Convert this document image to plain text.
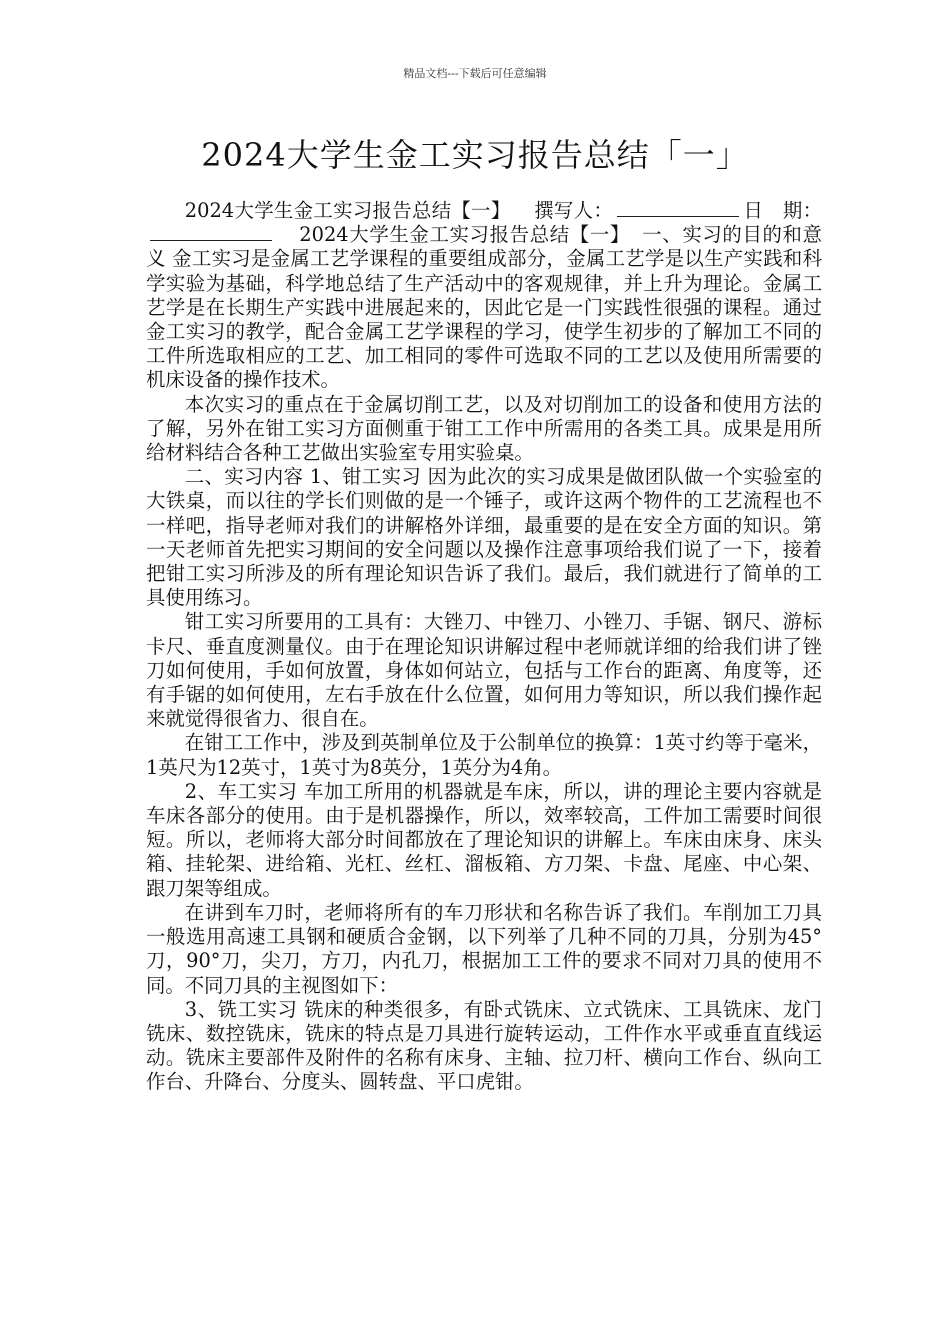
精品文档---下载后可任意编辑
2024大学生金工实习报告总结「一」

2024大学生金工实习报告总结【一】 撰写人：	日　期：2024大学生金工实习报告总结【一】 一、实习的目的和意义 金工实习是金属工艺学课程的重要组成部分，金属工艺学是以生产实践和科学实验为基础，科学地总结了生产活动中的客观规律，并上升为理论。金属工艺学是在长期生产实践中进展起来的，因此它是一门实践性很强的课程。通过金工实习的教学，配合金属工艺学课程的学习，使学生初步的了解加工不同的工件所选取相应的工艺、加工相同的零件可选取不同的工艺以及使用所需要的机床设备的操作技术。

本次实习的重点在于金属切削工艺，以及对切削加工的设备和使用方法的了解，另外在钳工实习方面侧重于钳工工作中所需用的各类工具。成果是用所给材料结合各种工艺做出实验室专用实验桌。

二、实习内容 1、钳工实习 因为此次的实习成果是做团队做一个实验室的大铁桌，而以往的学长们则做的是一个锤子，或许这两个物件的工艺流程也不一样吧，指导老师对我们的讲解格外详细，最重要的是在安全方面的知识。第一天老师首先把实习期间的安全问题以及操作注意事项给我们说了一下，接着把钳工实习所涉及的所有理论知识告诉了我们。最后，我们就进行了简单的工具使用练习。

钳工实习所要用的工具有：大锉刀、中锉刀、小锉刀、手锯、钢尺、游标卡尺、垂直度测量仪。由于在理论知识讲解过程中老师就详细的给我们讲了锉刀如何使用，手如何放置，身体如何站立，包括与工作台的距离、角度等，还有手锯的如何使用，左右手放在什么位置，如何用力等知识，所以我们操作起来就觉得很省力、很自在。

在钳工工作中，涉及到英制单位及于公制单位的换算：1英寸约等于毫米，1英尺为12英寸，1英寸为8英分，1英分为4角。

2、车工实习 车加工所用的机器就是车床，所以，讲的理论主要内容就是车床各部分的使用。由于是机器操作，所以，效率较高，工件加工需要时间很短。所以，老师将大部分时间都放在了理论知识的讲解上。车床由床身、床头箱、挂轮架、进给箱、光杠、丝杠、溜板箱、方刀架、卡盘、尾座、中心架、跟刀架等组成。

在讲到车刀时，老师将所有的车刀形状和名称告诉了我们。车削加工刀具一般选用高速工具钢和硬质合金钢，以下列举了几种不同的刀具，分别为45°刀，90°刀，尖刀，方刀，内孔刀，根据加工工件的要求不同对刀具的使用不同。不同刀具的主视图如下：

3、铣工实习 铣床的种类很多，有卧式铣床、立式铣床、工具铣床、龙门铣床、数控铣床，铣床的特点是刀具进行旋转运动，工件作水平或垂直直线运动。铣床主要部件及附件的名称有床身、主轴、拉刀杆、横向工作台、纵向工作台、升降台、分度头、圆转盘、平口虎钳。
